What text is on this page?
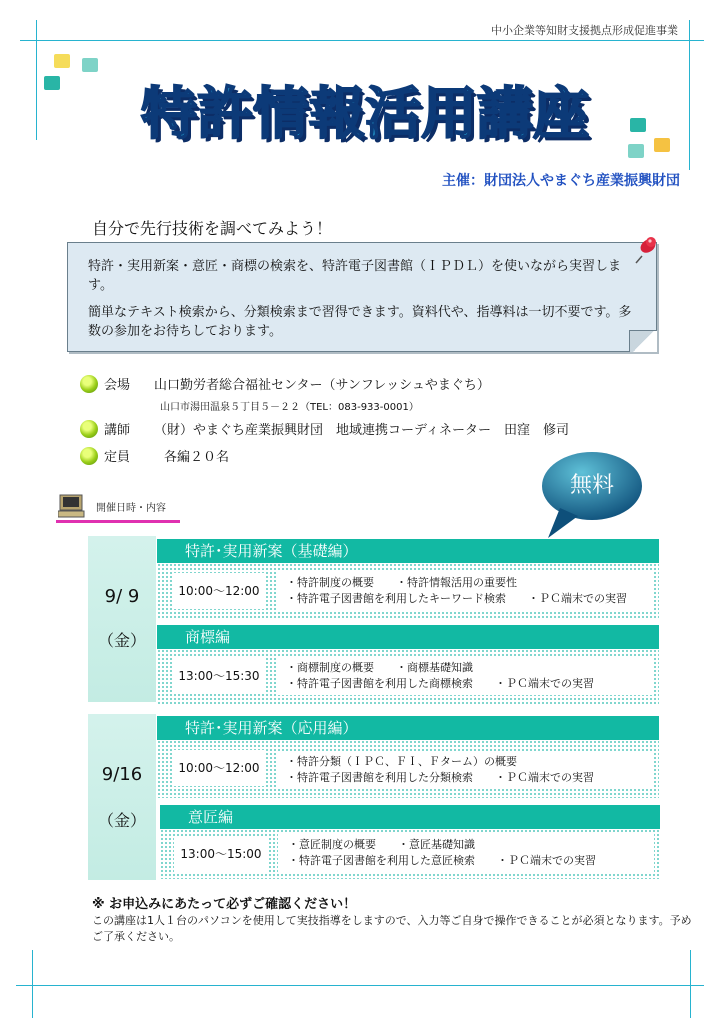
中小企業等知財支援拠点形成促進事業
特許情報活用講座
主催：財団法人やまぐち産業振興財団
自分で先行技術を調べてみよう！

特許・実用新案・意匠・商標の検索を、特許電子図書館（ＩＰＤＬ）を使いながら実習します。

簡単なテキスト検索から、分類検索まで習得できます。資料代や、指導料は一切不要です。多数の参加をお待ちしております。

会場	山口勤労者総合福祉センター（サンフレッシュやまぐち）
山口市湯田温泉５丁目５－２２（TEL：083-933-0001）
講師	（財）やまぐち産業振興財団　地域連携コーディネーター　田窪　修司
定員	各編２０名
無料
開催日時・内容
9/ 9
（金）
特許･実用新案（基礎編）
10:00～12:00
・特許制度の概要 ・特許情報活用の重要性
・特許電子図書館を利用したキーワード検索 ・ＰＣ端末での実習
商標編
13:00～15:30
・商標制度の概要 ・商標基礎知識
・特許電子図書館を利用した商標検索 ・ＰＣ端末での実習
9/16
（金）
特許･実用新案（応用編）
10:00～12:00	・特許分類（ＩＰＣ、ＦＩ、Ｆターム）の概要
・特許電子図書館を利用した分類検索 ・ＰＣ端末での実習
意匠編
13:00～15:00
・意匠制度の概要 ・意匠基礎知識
・特許電子図書館を利用した意匠検索 ・ＰＣ端末での実習
※ お申込みにあたって必ずご確認ください！
この講座は1人１台のパソコンを使用して実技指導をしますので、入力等ご自身で操作できることが必須となります。予めご了承ください。
